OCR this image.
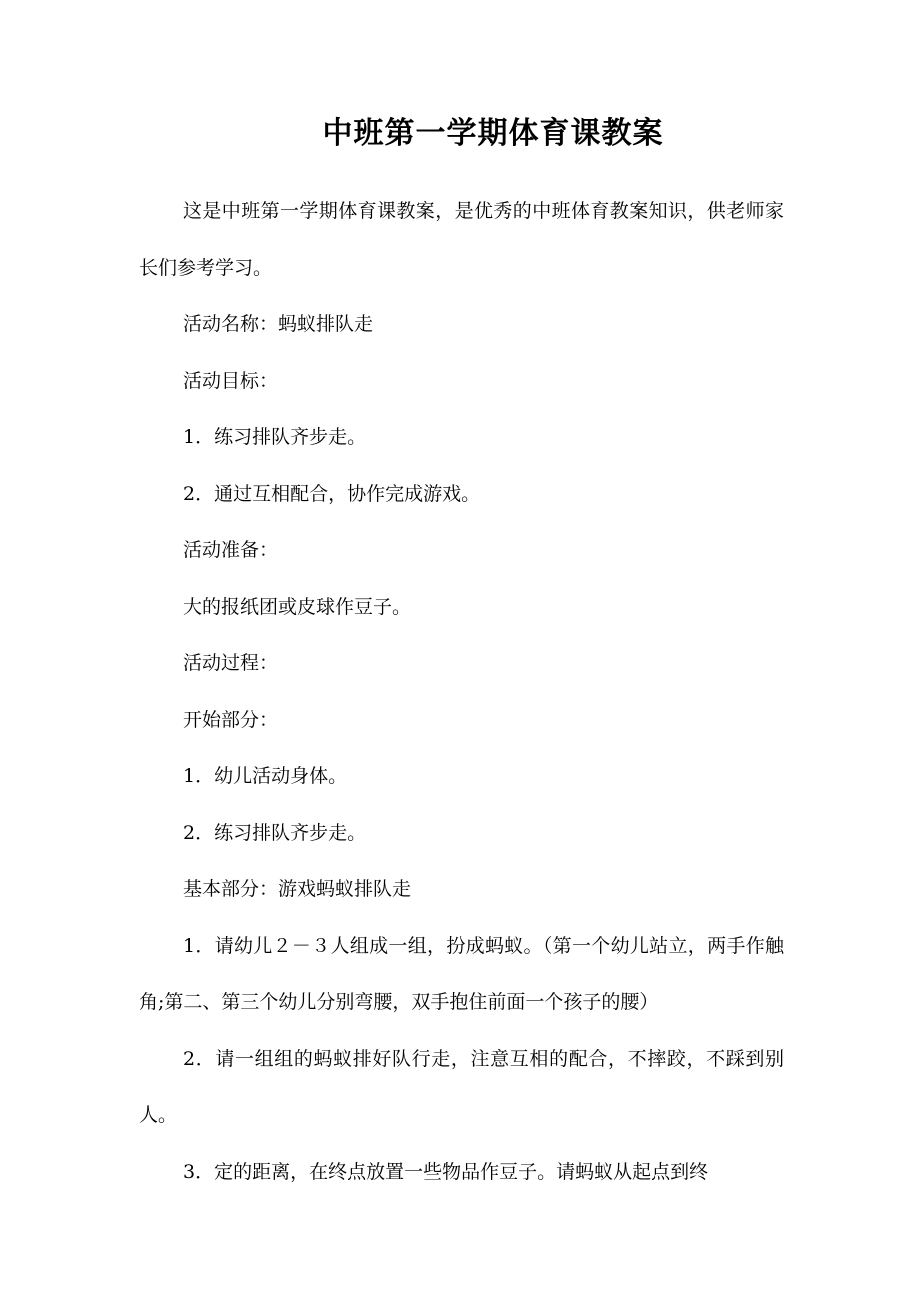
中班第一学期体育课教案

这是中班第一学期体育课教案，是优秀的中班体育教案知识，供老师家长们参考学习。

活动名称：蚂蚁排队走

活动目标：

1．练习排队齐步走。

2．通过互相配合，协作完成游戏。

活动准备：

大的报纸团或皮球作豆子。

活动过程：

开始部分：

1．幼儿活动身体。

2．练习排队齐步走。

基本部分：游戏蚂蚁排队走

1．请幼儿２－３人组成一组，扮成蚂蚁。（第一个幼儿站立，两手作触角;第二、第三个幼儿分别弯腰，双手抱住前面一个孩子的腰）

2．请一组组的蚂蚁排好队行走，注意互相的配合，不摔跤，不踩到别人。

3．定的距离，在终点放置一些物品作豆子。请蚂蚁从起点到终
